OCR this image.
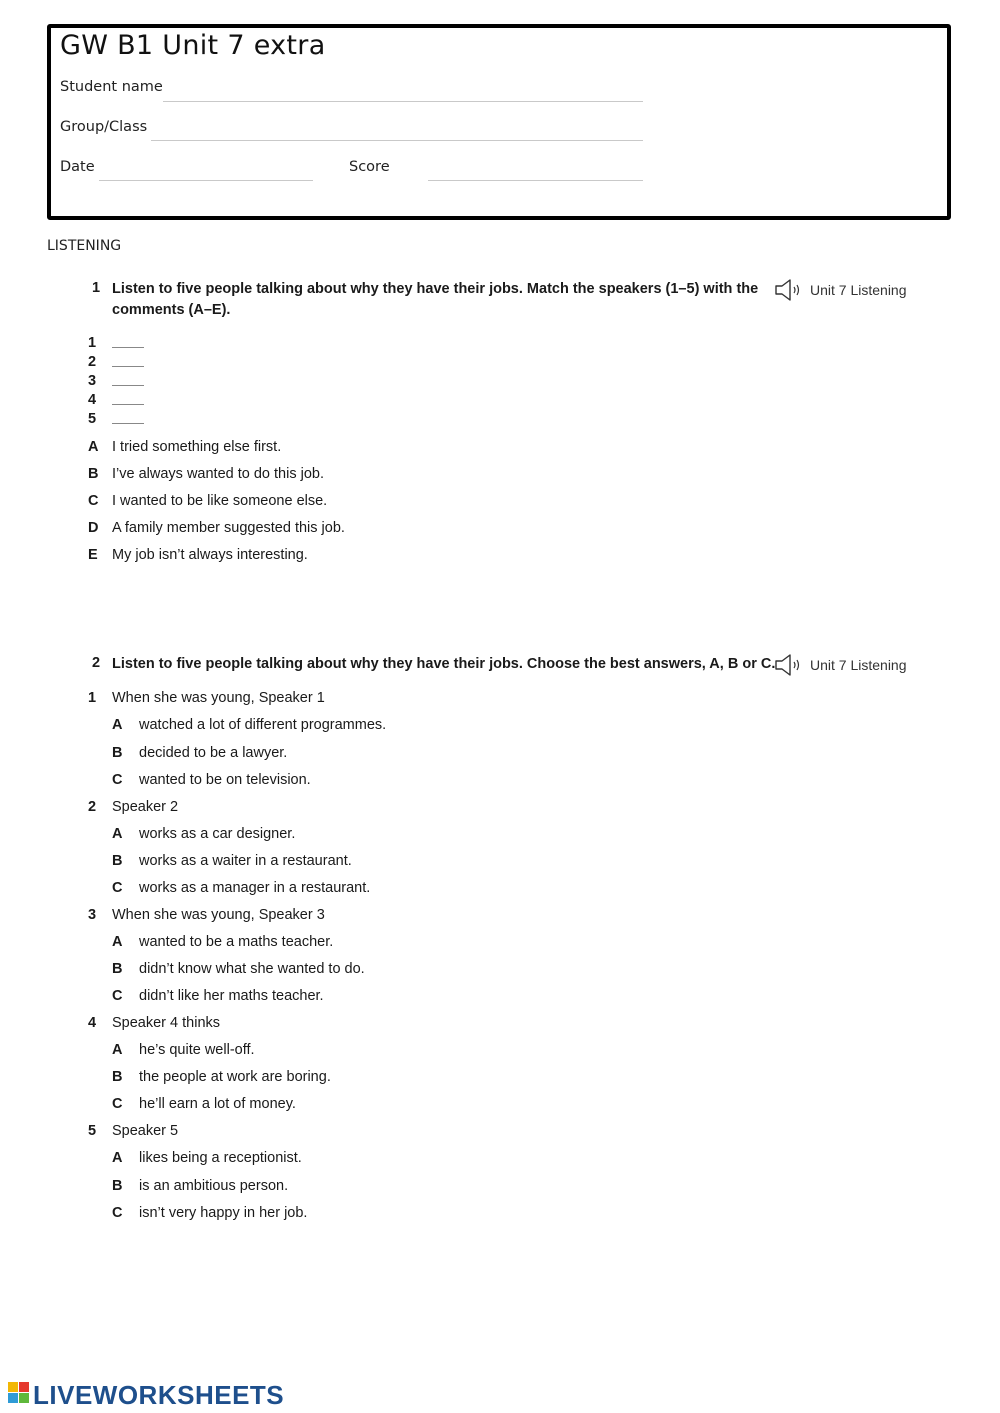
GW B1 Unit 7 extra
Student name
Group/Class
Date	Score
LISTENING
1 Listen to five people talking about why they have their jobs. Match the speakers (1–5) with the
comments (A–E).
Unit 7 Listening
1
2
3
4
5
A I tried something else first.
B I’ve always wanted to do this job.
C I wanted to be like someone else.
D A family member suggested this job.
E My job isn’t always interesting.
2 Listen to five people talking about why they have their jobs. Choose the best answers, A, B or C. Unit 7 Listening
1 When she was young, Speaker 1
A watched a lot of different programmes.
B decided to be a lawyer.
C wanted to be on television.
2 Speaker 2
A works as a car designer.
B works as a waiter in a restaurant.
C works as a manager in a restaurant.
3 When she was young, Speaker 3
A wanted to be a maths teacher.
B didn’t know what she wanted to do.
C didn’t like her maths teacher.
4 Speaker 4 thinks
A he’s quite well-off.
B the people at work are boring.
C he’ll earn a lot of money.
5 Speaker 5
A likes being a receptionist.
B is an ambitious person.
C isn’t very happy in her job.
LIVEWORKSHEETS
